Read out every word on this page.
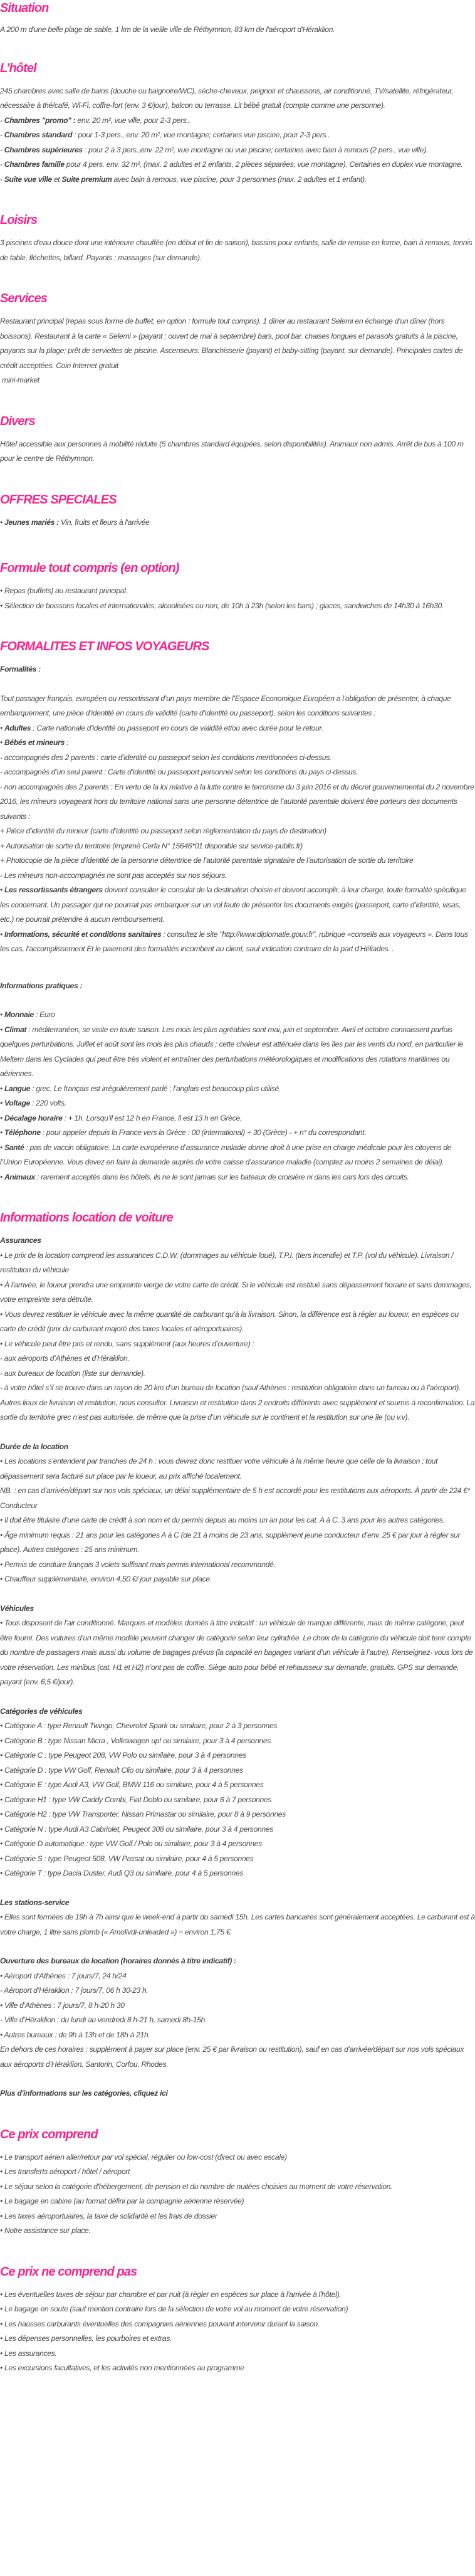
Situation

A 200 m d'une belle plage de sable, 1 km de la vieille ville de Réthymnon, 83 km de l'aéroport d'Héraklion.

L’hôtel

245 chambres avec salle de bains (douche ou baignoire/WC), sèche-cheveux, peignoir et chaussons, air conditionné, TV/satellite, réfrigérateur, nécessaire à thé/café, Wi-Fi, coffre-fort (env. 3 €/jour), balcon ou terrasse. Lit bébé gratuit (compte comme une personne).

- Chambres "promo" : env. 20 m², vue ville, pour 2-3 pers..
- Chambres standard : pour 1-3 pers., env. 20 m², vue montagne; certaines vue piscine, pour 2-3 pers..
- Chambres supérieures : pour 2 à 3 pers.,env. 22 m², vue montagne ou vue piscine; certaines avec bain à remous (2 pers., vue ville).
- Chambres famille pour 4 pers. env. 32 m², (max. 2 adultes et 2 enfants, 2 pièces séparées, vue montagne). Certaines en duplex vue montagne.
- Suite vue ville et Suite premium avec bain à remous, vue piscine, pour 3 personnes (max. 2 adultes et 1 enfant).
Loisirs

3 piscines d'eau douce dont une intérieure chauffée (en début et fin de saison), bassins pour enfants, salle de remise en forme, bain à remous, tennis de table, fléchettes, billard. Payants : massages (sur demande).

Services

Restaurant principal (repas sous forme de buffet, en option : formule tout compris). 1 dîner au restaurant Selemi en échange d’un dîner (hors boissons). Restaurant à la carte « Selemi » (payant ; ouvert de mai à septembre) bars, pool bar. chaises longues et parasols gratuits à la piscine, payants sur la plage; prêt de serviettes de piscine. Ascenseurs. Blanchisserie (payant) et baby-sitting (payant, sur demande). Principales cartes de crédit acceptées. Coin Internet gratuit

mini-market

Divers

Hôtel accessible aux personnes à mobilité réduite (5 chambres standard équipées, selon disponibilités). Animaux non admis. Arrêt de bus à 100 m pour le centre de Réthymnon.

OFFRES SPECIALES
• Jeunes mariés : Vin, fruits et fleurs à l'arrivée
Formule tout compris (en option)
• Repas (buffets) au restaurant principal.
• Sélection de boissons locales et internationales, alcoolisées ou non, de 10h à 23h (selon les bars) ; glaces, sandwiches de 14h30 à 16h30.
FORMALITES ET INFOS VOYAGEURS
Formalités :

Tout passager français, européen ou ressortissant d’un pays membre de l’Espace Economique Européen a l’obligation de présenter, à chaque embarquement, une pièce d’identité en cours de validité (carte d’identité ou passeport), selon les conditions suivantes :

• Adultes : Carte nationale d’identité ou passeport en cours de validité et/ou avec durée pour le retour.
• Bébés et mineurs :
- accompagnés des 2 parents : carte d’identité ou passeport selon les conditions mentionnées ci-dessus.
- accompagnés d’un seul parent : Carte d’identité ou passeport personnel selon les conditions du pays ci-dessus.
- non accompagnés des 2 parents : En vertu de la loi relative à la lutte contre le terrorisme du 3 juin 2016 et du décret gouvernemental du 2 novembre 2016, les mineurs voyageant hors du territoire national sans une personne détentrice de l’autorité parentale doivent être porteurs des documents suivants :
+ Pièce d’identité du mineur (carte d’identité ou passeport selon règlementation du pays de destination)
+ Autorisation de sortie du territoire (imprimé Cerfa N° 15646*01 disponible sur service-public.fr)
+ Photocopie de la pièce d’identité de la personne détentrice de l’autorité parentale signataire de l’autorisation de sortie du territoire
- Les mineurs non-accompagnés ne sont pas acceptés sur nos séjours.
• Les ressortissants étrangers doivent consulter le consulat de la destination choisie et doivent accomplir, à leur charge, toute formalité spécifique les concernant. Un passager qui ne pourrait pas embarquer sur un vol faute de présenter les documents exigés (passeport, carte d’identité, visas, etc.) ne pourrait prétendre à aucun remboursement.
• Informations, sécurité et conditions sanitaires : consultez le site "http://www.diplomatie.gouv.fr", rubrique «conseils aux voyageurs ». Dans tous les cas, l’accomplissement Et le paiement des formalités incombent au client, sauf indication contraire de la part d’Héliades. .
Informations pratiques :
• Monnaie : Euro
• Climat : méditerranéen, se visite en toute saison. Les mois les plus agréables sont mai, juin et septembre. Avril et octobre connaissent parfois quelques perturbations. Juillet et août sont les mois les plus chauds ; cette chaleur est atténuée dans les îles par les vents du nord, en particulier le Meltem dans les Cyclades qui peut être très violent et entraîner des perturbations météorologiques et modifications des rotations maritimes ou aériennes.
• Langue : grec. Le français est irrégulièrement parlé ; l’anglais est beaucoup plus utilisé.
• Voltage : 220 volts.
• Décalage horaire : + 1h. Lorsqu’il est 12 h en France, il est 13 h en Grèce.
• Téléphone : pour appeler depuis la France vers la Grèce : 00 (international) + 30 (Grèce) - + n° du correspondant.
• Santé : pas de vaccin obligatoire. La carte européenne d’assurance maladie donne droit à une prise en charge médicale pour les citoyens de l’Union Européenne. Vous devez en faire la demande auprès de votre caisse d’assurance maladie (comptez au moins 2 semaines de délai).
• Animaux : rarement acceptés dans les hôtels, ils ne le sont jamais sur les bateaux de croisière ni dans les cars lors des circuits.
Informations location de voiture
Assurances
• Le prix de la location comprend les assurances C.D.W. (dommages au véhicule loué), T.P.I. (tiers incendie) et T.P. (vol du véhicule). Livraison / restitution du véhicule
• À l’arrivée, le loueur prendra une empreinte vierge de votre carte de crédit. Si le véhicule est restitué sans dépassement horaire et sans dommages, votre empreinte sera détruite.
• Vous devrez restituer le véhicule avec la même quantité de carburant qu’à la livraison. Sinon, la différence est à régler au loueur, en espèces ou carte de crédit (prix du carburant majoré des taxes locales et aéroportuaires).
• Le véhicule peut être pris et rendu, sans supplément (aux heures d’ouverture) :
- aux aéroports d’Athènes et d’Héraklion.
- aux bureaux de location (liste sur demande).
- à votre hôtel s’il se trouve dans un rayon de 20 km d’un bureau de location (sauf Athènes : restitution obligatoire dans un bureau ou à l’aéroport).
Autres lieux de livraison et restitution, nous consulter. Livraison et restitution dans 2 endroits différents avec supplément et soumis à reconfirmation. La sortie du territoire grec n’est pas autorisée, de même que la prise d’un véhicule sur le continent et la restitution sur une île (ou v.v).
Durée de la location
• Les locations s’entendent par tranches de 24 h ; vous devrez donc restituer votre véhicule à la même heure que celle de la livraison ; tout dépassement sera facturé sur place par le loueur, au prix affiché localement.
NB. : en cas d’arrivée/départ sur nos vols spéciaux, un délai supplémentaire de 5 h est accordé pour les restitutions aux aéroports. À partir de 224 €* Conducteur
• Il doit être titulaire d’une carte de crédit à son nom et du permis depuis au moins un an pour les cat. A à C, 3 ans pour les autres catégories.
• Âge minimum requis : 21 ans pour les catégories A à C (de 21 à moins de 23 ans, supplément jeune conducteur d’env. 25 € par jour à régler sur place). Autres catégories : 25 ans minimum.
• Permis de conduire français 3 volets suffisant mais permis international recommandé.
• Chauffeur supplémentaire, environ 4,50 €/ jour payable sur place.
Véhicules

• Tous disposent de l’air conditionné. Marques et modèles donnés à titre indicatif : un véhicule de marque différente, mais de même catégorie, peut être fourni. Des voitures d’un même modèle peuvent changer de catégorie selon leur cylindrée. Le choix de la catégorie du véhicule doit tenir compte du nombre de passagers mais aussi du volume de bagages prévus (la capacité en bagages variant d’un véhicule à l’autre). Renseignez- vous lors de votre réservation. Les minibus (cat. H1 et H2) n’ont pas de coffre. Siège auto pour bébé et rehausseur sur demande, gratuits. GPS sur demande, payant (env. 6,5 €/jour).

Catégories de véhicules
• Catégorie A : type Renault Twingo, Chevrolet Spark ou similaire, pour 2 à 3 personnes
• Catégorie B : type Nissan Micra , Volkswagen up! ou similaire, pour 3 à 4 personnes
• Catégorie C : type Peugeot 208, VW Polo ou similaire, pour 3 à 4 personnes
• Catégorie D : type VW Golf, Renault Clio ou similaire, pour 3 à 4 personnes
• Catégorie E : type Audi A3, VW Golf, BMW 116 ou similaire, pour 4 à 5 personnes
• Catégorie H1 : type VW Caddy Combi, Fiat Doblo ou similaire, pour 6 à 7 personnes
• Catégorie H2 : type VW Transporter, Nissan Primastar ou similaire, pour 8 à 9 personnes
• Catégorie N : type Audi A3 Cabriolet, Peugeot 308 ou similaire, pour 3 à 4 personnes
• Catégorie D automatique : type VW Golf / Polo ou similaire, pour 3 à 4 personnes
• Catégorie S : type Peugeot 508, VW Passat ou similaire, pour 4 à 5 personnes
• Catégorie T : type Dacia Duster, Audi Q3 ou similaire, pour 4 à 5 personnes
Les stations-service

• Elles sont fermées de 19h à 7h ainsi que le week-end à partir du samedi 15h. Les cartes bancaires sont généralement acceptées. Le carburant est à votre charge, 1 litre sans plomb (« Amolivdi-unleaded ») = environ 1,75 €.

Ouverture des bureaux de location (horaires donnés à titre indicatif) :
• Aéroport d’Athènes : 7 jours/7, 24 h/24
- Aéroport d’Héraklion : 7 jours/7, 06 h 30-23 h.
• Ville d’Athènes : 7 jours/7, 8 h-20 h 30
- Ville d’Héraklion : du lundi au vendredi 8 h-21 h, samedi 8h-15h.
• Autres bureaux : de 9h à 13h et de 18h à 21h.
En dehors de ces horaires : supplément à payer sur place (env. 25 € par livraison ou restitution), sauf en cas d’arrivée/départ sur nos vols spéciaux aux aéroports d’Héraklion, Santorin, Corfou, Rhodes.
Plus d'informations sur les catégories, cliquez ici
Ce prix comprend
• Le transport aérien aller/retour par vol spécial, régulier ou low-cost (direct ou avec escale)
• Les transferts aéroport / hôtel / aéroport
• Le séjour selon la catégorie d'hébergement, de pension et du nombre de nuitées choisies au moment de votre réservation.
• Le bagage en cabine (au format défini par la compagnie aérienne réservée)
• Les taxes aéroportuaires, la taxe de solidarité et les frais de dossier
• Notre assistance sur place.
Ce prix ne comprend pas
• Les éventuelles taxes de séjour par chambre et par nuit (à régler en espèces sur place à l'arrivée à l'hôtel).
• Le bagage en soute (sauf mention contraire lors de la sélection de votre vol au moment de votre réservation)
• Les hausses carburants éventuelles des compagnies aériennes pouvant intervenir durant la saison.
• Les dépenses personnelles, les pourboires et extras.
• Les assurances.
• Les excursions facultatives, et les activités non mentionnées au programme
